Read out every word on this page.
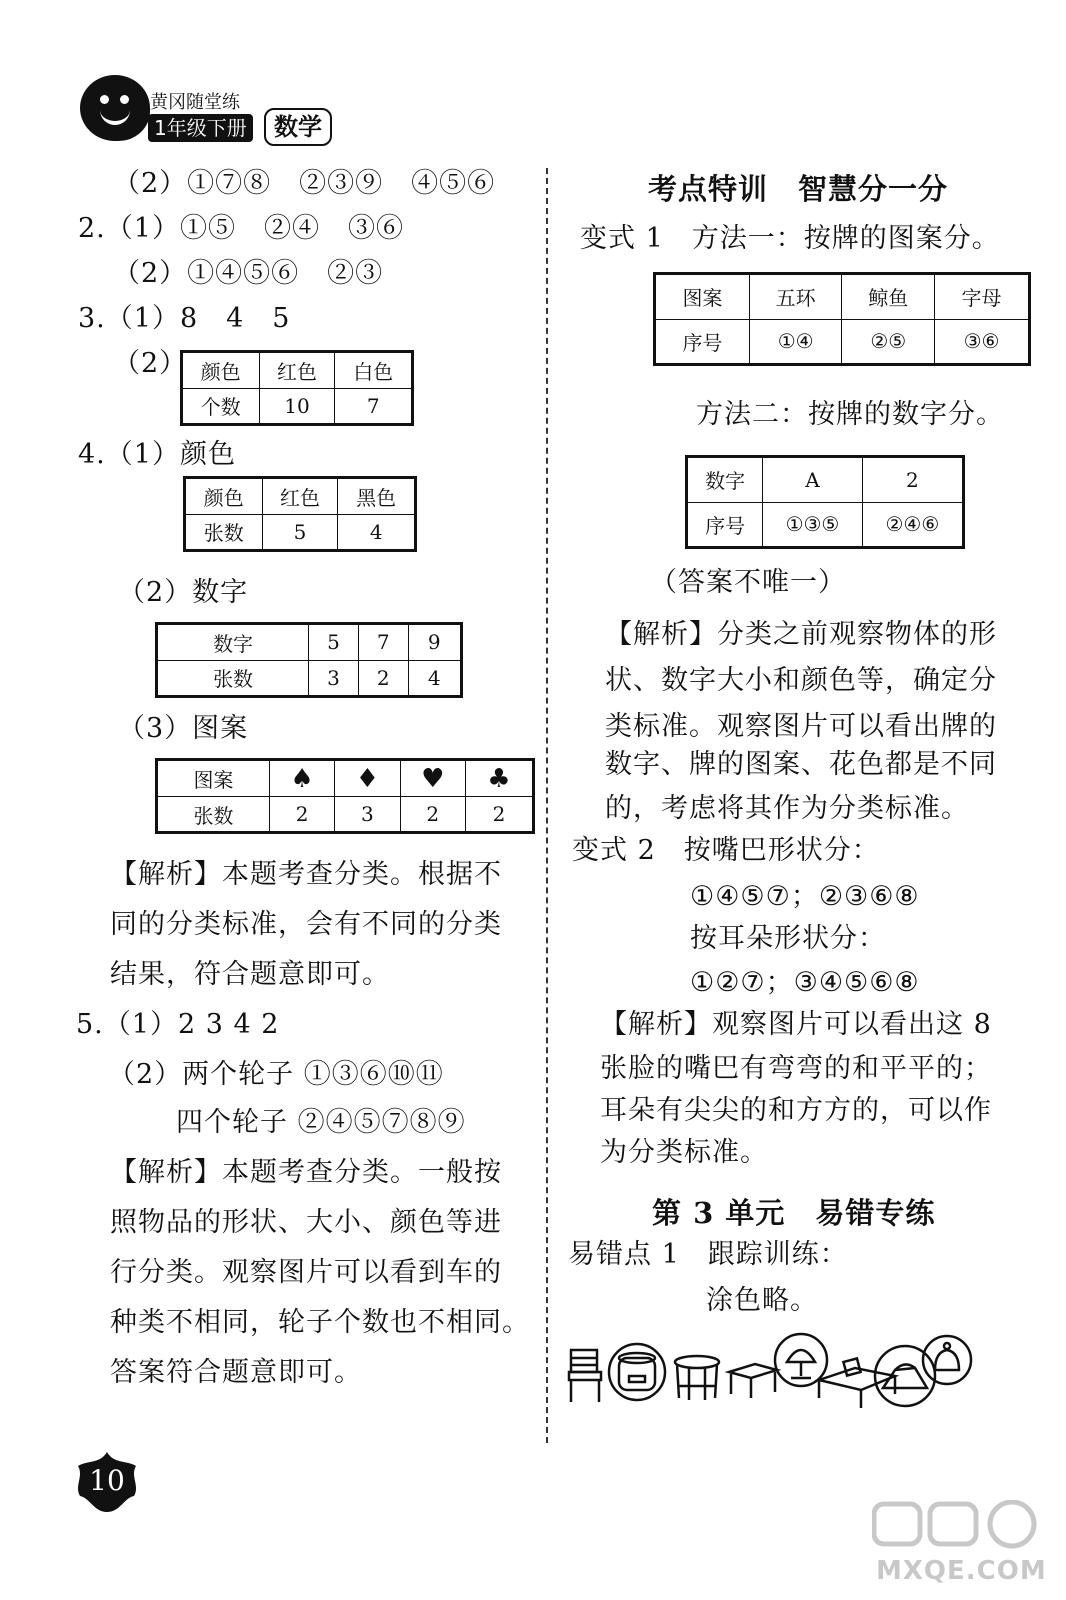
黄冈随堂练
1年级下册	数学
（2）①⑦⑧　②③⑨　④⑤⑥
2.（1）①⑤　②④　③⑥
（2）①④⑤⑥　②③
3.（1）8　4　5
（2） 颜色	红色	白色
个数	10	7
4.（1）颜色
颜色	红色	黑色
张数	5	4
（2）数字
数字	5	7	9
张数	3	2	4
（3）图案
图案	♠	♦	♥	♣
张数	2	3	2	2
【解析】本题考查分类。根据不
同的分类标准，会有不同的分类
结果，符合题意即可。
5.（1）2 3 4 2
（2）两个轮子 ①③⑥⑩⑪
四个轮子 ②④⑤⑦⑧⑨
【解析】本题考查分类。一般按
照物品的形状、大小、颜色等进
行分类。观察图片可以看到车的
种类不相同，轮子个数也不相同。
答案符合题意即可。
10
考点特训　智慧分一分
变式 1　方法一：按牌的图案分。
图案	五环	鲸鱼	字母
序号	①④	②⑤	③⑥
方法二：按牌的数字分。
数字	A	2
序号	①③⑤	②④⑥
（答案不唯一）
【解析】分类之前观察物体的形
状、数字大小和颜色等，确定分
类标准。观察图片可以看出牌的
数字、牌的图案、花色都是不同
的，考虑将其作为分类标准。
变式 2　按嘴巴形状分：
①④⑤⑦；②③⑥⑧
按耳朵形状分：
①②⑦；③④⑤⑥⑧
【解析】观察图片可以看出这 8
张脸的嘴巴有弯弯的和平平的；
耳朵有尖尖的和方方的，可以作
为分类标准。
第 3 单元　易错专练
易错点 1　跟踪训练：
涂色略。
MXQE.COM
